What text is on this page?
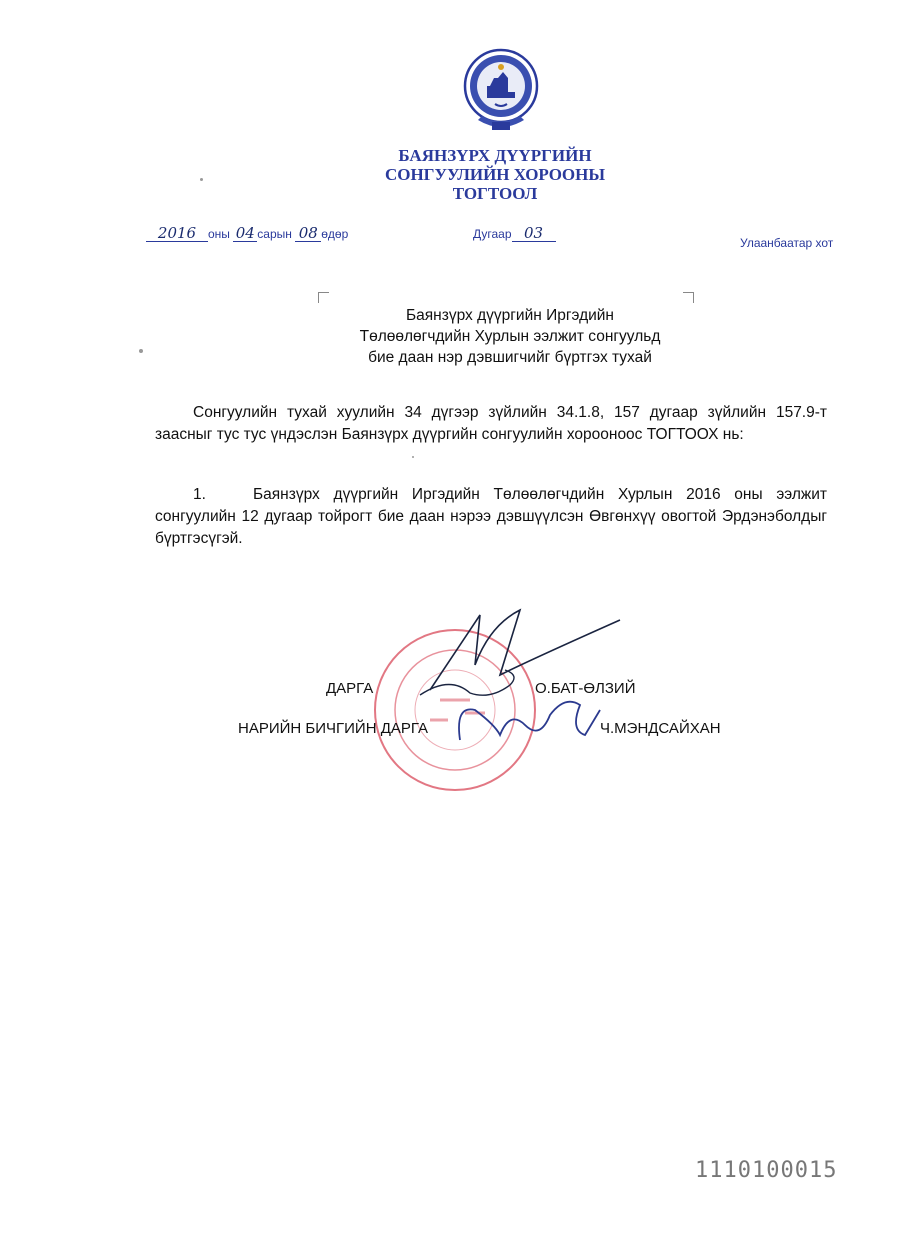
БАЯНЗҮРХ ДҮҮРГИЙН
СОНГУУЛИЙН ХОРООНЫ
ТОГТООЛ
2016 оны 04 сарын 08 өдөр	Дугаар 03
Улаанбаатар хот
Баянзүрх дүүргийн Иргэдийн
Төлөөлөгчдийн Хурлын ээлжит сонгуульд
бие даан нэр дэвшигчийг бүртгэх тухай
Сонгуулийн тухай хуулийн 34 дүгээр зүйлийн 34.1.8, 157 дугаар зүйлийн 157.9-т заасныг тус тус үндэслэн Баянзүрх дүүргийн сонгуулийн хорооноос ТОГТООХ нь:
1.	Баянзүрх дүүргийн Иргэдийн Төлөөлөгчдийн Хурлын 2016 оны ээлжит сонгуулийн 12 дугаар тойрогт бие даан нэрээ дэвшүүлсэн Өвгөнхүү овогтой Эрдэнэболдыг бүртгэсүгэй.
ДАРГА	О.БАТ-ӨЛЗИЙ
НАРИЙН БИЧГИЙН ДАРГА	Ч.МЭНДСАЙХАН
1110100015
